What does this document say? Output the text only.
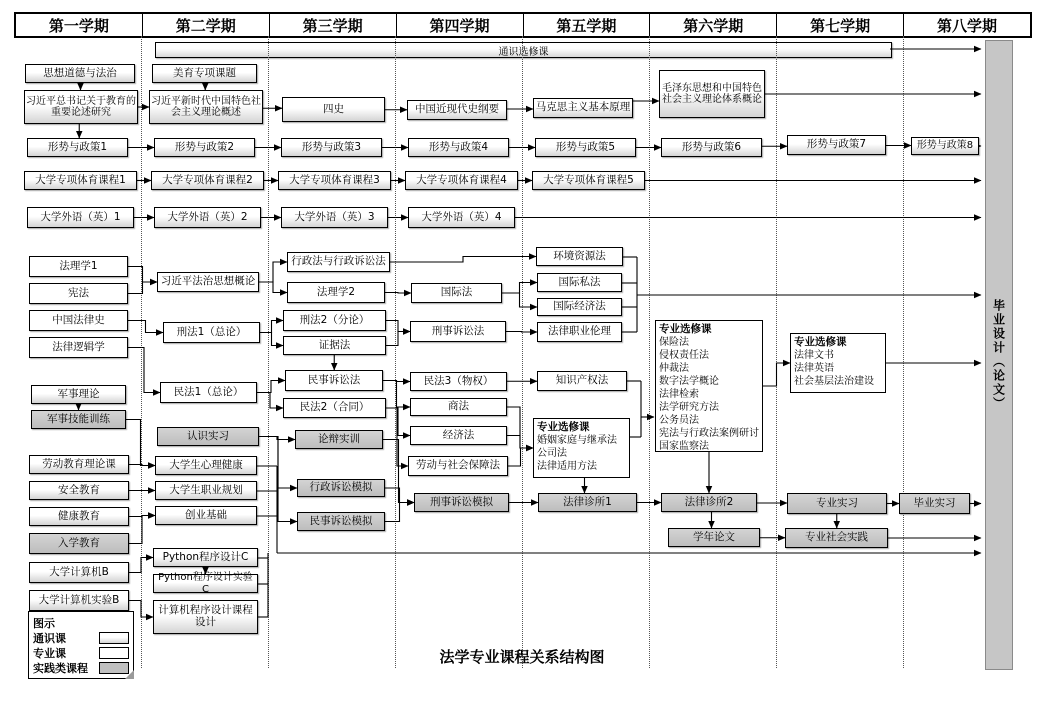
第一学期	第二学期	第三学期	第四学期	第五学期	第六学期	第七学期	第八学期
通识选修课
毕业设计（论文）
思想道德与法治
习近平总书记关于教育的重要论述研究
形势与政策1
大学专项体育课程1
大学外语（英）1
法理学1
宪法
中国法律史
法律逻辑学
军事理论
军事技能训练
劳动教育理论课
安全教育
健康教育
入学教育
大学计算机B
大学计算机实验B
美育专项课题
习近平新时代中国特色社会主义理论概述
形势与政策2
大学专项体育课程2
大学外语（英）2
习近平法治思想概论
刑法1（总论）
民法1（总论）
认识实习
大学生心理健康
大学生职业规划
创业基础
Python程序设计C
Python程序设计实验C
计算机程序设计课程设计
四史
形势与政策3
大学专项体育课程3
大学外语（英）3
行政法与行政诉讼法
法理学2
刑法2（分论）
证据法
民事诉讼法
民法2（合同）
论辩实训
行政诉讼模拟
民事诉讼模拟
中国近现代史纲要
形势与政策4
大学专项体育课程4
大学外语（英）4
国际法
刑事诉讼法
民法3（物权）
商法
经济法
劳动与社会保障法
刑事诉讼模拟
马克思主义基本原理
形势与政策5
大学专项体育课程5
环境资源法
国际私法
国际经济法
法律职业伦理
知识产权法
专业选修课
婚姻家庭与继承法
公司法
法律适用方法
法律诊所1
毛泽东思想和中国特色社会主义理论体系概论
形势与政策6
专业选修课
保险法
侵权责任法
仲裁法
数字法学概论
法律检索
法学研究方法
公务员法
宪法与行政法案例研讨
国家监察法
法律诊所2
学年论文
形势与政策7
专业选修课
法律文书
法律英语
社会基层法治建设
专业实习
专业社会实践
形势与政策8
毕业实习
图示
通识课
专业课
实践类课程
法学专业课程关系结构图
